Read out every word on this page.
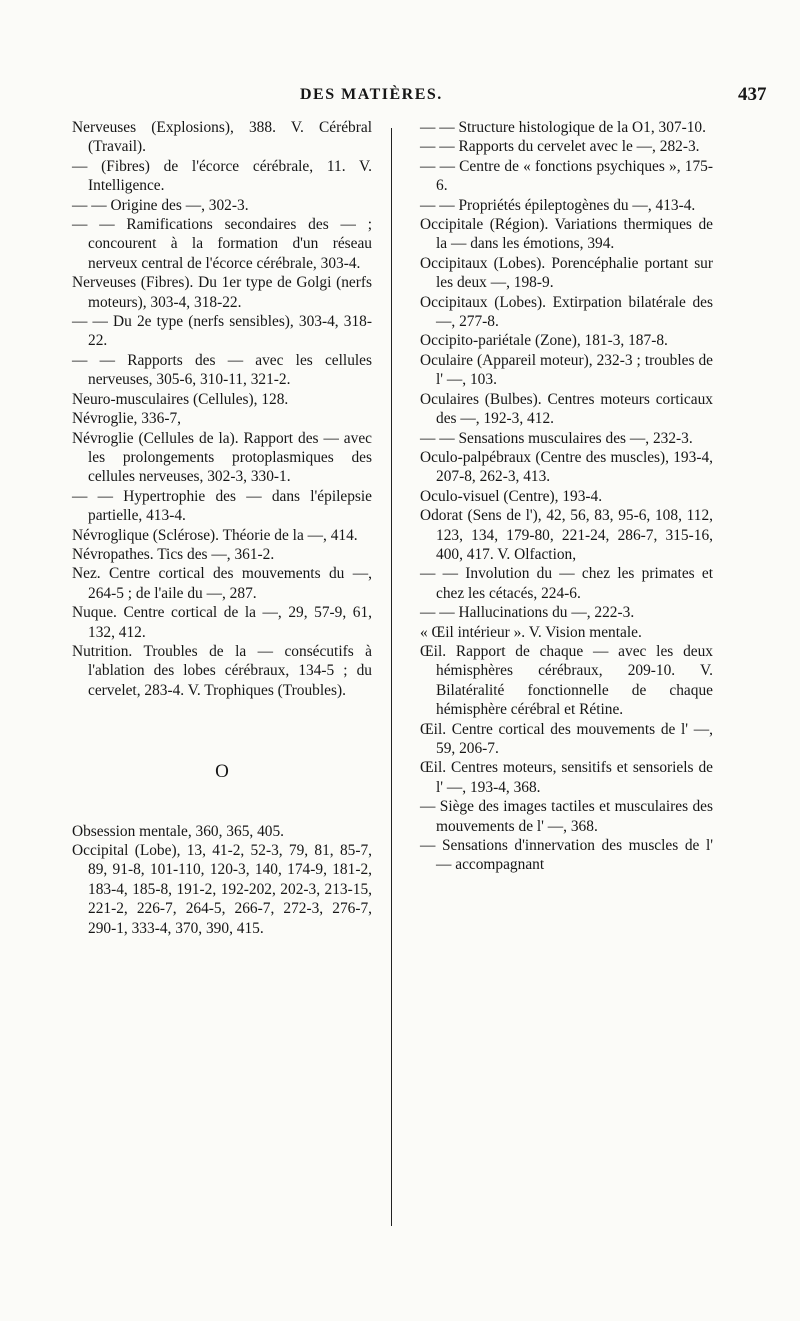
DES MATIÈRES.	437

Nerveuses (Explosions), 388. V. Cérébral (Travail).

— (Fibres) de l'écorce cérébrale, 11. V. Intelligence.

— — Origine des —, 302-3.

— — Ramifications secondaires des — ; concourent à la formation d'un réseau nerveux central de l'écorce cérébrale, 303-4.

Nerveuses (Fibres). Du 1er type de Golgi (nerfs moteurs), 303-4, 318-22.

— — Du 2e type (nerfs sensibles), 303-4, 318-22.

— — Rapports des — avec les cellules nerveuses, 305-6, 310-11, 321-2.

Neuro-musculaires (Cellules), 128.

Névroglie, 336-7,

Névroglie (Cellules de la). Rapport des — avec les prolongements protoplasmiques des cellules nerveuses, 302-3, 330-1.

— — Hypertrophie des — dans l'épilepsie partielle, 413-4.

Névroglique (Sclérose). Théorie de la —, 414.

Névropathes. Tics des —, 361-2.

Nez. Centre cortical des mouvements du —, 264-5 ; de l'aile du —, 287.

Nuque. Centre cortical de la —, 29, 57-9, 61, 132, 412.

Nutrition. Troubles de la — consécutifs à l'ablation des lobes cérébraux, 134-5 ; du cervelet, 283-4. V. Trophiques (Troubles).

O

Obsession mentale, 360, 365, 405.

Occipital (Lobe), 13, 41-2, 52-3, 79, 81, 85-7, 89, 91-8, 101-110, 120-3, 140, 174-9, 181-2, 183-4, 185-8, 191-2, 192-202, 202-3, 213-15, 221-2, 226-7, 264-5, 266-7, 272-3, 276-7, 290-1, 333-4, 370, 390, 415.

— — Structure histologique de la O1, 307-10.

— — Rapports du cervelet avec le —, 282-3.

— — Centre de « fonctions psychiques », 175-6.

— — Propriétés épileptogènes du —, 413-4.

Occipitale (Région). Variations thermiques de la — dans les émotions, 394.

Occipitaux (Lobes). Porencéphalie portant sur les deux —, 198-9.

Occipitaux (Lobes). Extirpation bilatérale des —, 277-8.

Occipito-pariétale (Zone), 181-3, 187-8.

Oculaire (Appareil moteur), 232-3 ; troubles de l' —, 103.

Oculaires (Bulbes). Centres moteurs corticaux des —, 192-3, 412.

— — Sensations musculaires des —, 232-3.

Oculo-palpébraux (Centre des muscles), 193-4, 207-8, 262-3, 413.

Oculo-visuel (Centre), 193-4.

Odorat (Sens de l'), 42, 56, 83, 95-6, 108, 112, 123, 134, 179-80, 221-24, 286-7, 315-16, 400, 417. V. Olfaction,

— — Involution du — chez les primates et chez les cétacés, 224-6.

— — Hallucinations du —, 222-3.

« Œil intérieur ». V. Vision mentale.

Œil. Rapport de chaque — avec les deux hémisphères cérébraux, 209-10. V. Bilatéralité fonctionnelle de chaque hémisphère cérébral et Rétine.

Œil. Centre cortical des mouvements de l' —, 59, 206-7.

Œil. Centres moteurs, sensitifs et sensoriels de l' —, 193-4, 368.

— Siège des images tactiles et musculaires des mouvements de l' —, 368.

— Sensations d'innervation des muscles de l' — accompagnant
